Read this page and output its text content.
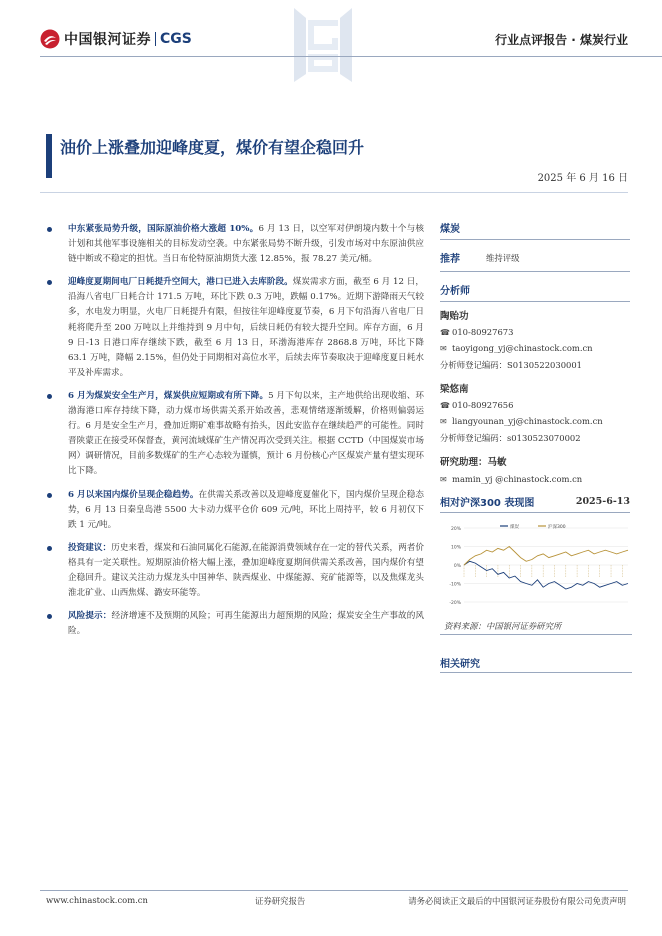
中国银河证券 CGS	行业点评报告 · 煤炭行业
油价上涨叠加迎峰度夏，煤价有望企稳回升
2025 年 6 月 16 日
中东紧张局势升级，国际原油价格大涨超 10%。6 月 13 日，以空军对伊朗境内数十个与核计划和其他军事设施相关的目标发动空袭。中东紧张局势不断升级，引发市场对中东原油供应链中断或不稳定的担忧。当日布伦特原油期货大涨 12.85%，报 78.27 美元/桶。
迎峰度夏期间电厂日耗提升空间大，港口已进入去库阶段。煤炭需求方面，截至 6 月 12 日，沿海八省电厂日耗合计 171.5 万吨，环比下跌 0.3 万吨，跌幅 0.17%。近期下游降雨天气较多，水电发力明显，火电厂日耗提升有限，但按往年迎峰度夏节奏，6 月下旬沿海八省电厂日耗将爬升至 200 万吨以上并维持到 9 月中旬，后续日耗仍有较大提升空间。库存方面，6 月 9 日-13 日港口库存继续下跌，截至 6 月 13 日，环渤海港库存 2868.8 万吨，环比下降 63.1 万吨，降幅 2.15%，但仍处于同期相对高位水平，后续去库节奏取决于迎峰度夏日耗水平及补库需求。
6 月为煤炭安全生产月，煤炭供应短期或有所下降。5 月下旬以来，主产地供给出现收缩、环渤海港口库存持续下降，动力煤市场供需关系开始改善，悲观情绪逐渐缓解，价格则偏弱运行。6 月是安全生产月，叠加近期矿难事故略有抬头，因此安监存在继续趋严的可能性。同时晋陕蒙正在接受环保督查，黄河流域煤矿生产情况再次受到关注。根据 CCTD（中国煤炭市场网）调研情况，目前多数煤矿的生产心态较为谨慎，预计 6 月份核心产区煤炭产量有望实现环比下降。
6 月以来国内煤价呈现企稳趋势。在供需关系改善以及迎峰度夏催化下，国内煤价呈现企稳态势，6 月 13 日秦皇岛港 5500 大卡动力煤平仓价 609 元/吨，环比上周持平，较 6 月初仅下跌 1 元/吨。
投资建议：历史来看，煤炭和石油同属化石能源,在能源消费领域存在一定的替代关系，两者价格具有一定关联性。短期原油价格大幅上涨，叠加迎峰度夏期间供需关系改善，国内煤价有望企稳回升。建议关注动力煤龙头中国神华、陕西煤业、中煤能源、兖矿能源等，以及焦煤龙头淮北矿业、山西焦煤、潞安环能等。
风险提示：经济增速不及预期的风险；可再生能源出力超预期的风险；煤炭安全生产事故的风险。
煤炭
推荐	维持评级
分析师
陶贻功
☎ 010-80927673
✉ taoyigong_yj@chinastock.com.cn
分析师登记编码：S0130522030001
梁悠南
☎ 010-80927656
✉ liangyounan_yj@chinastock.com.cn
分析师登记编码：s0130523070002
研究助理：马敏
✉ mamin_yj @chinastock.com.cn
相对沪深300 表现图	2025-6-13
20%
10%
0%
-10%
-20%
煤炭	沪深300
资料来源：中国银河证券研究所
相关研究
www.chinastock.com.cn	证券研究报告	请务必阅读正文最后的中国银河证券股份有限公司免责声明
